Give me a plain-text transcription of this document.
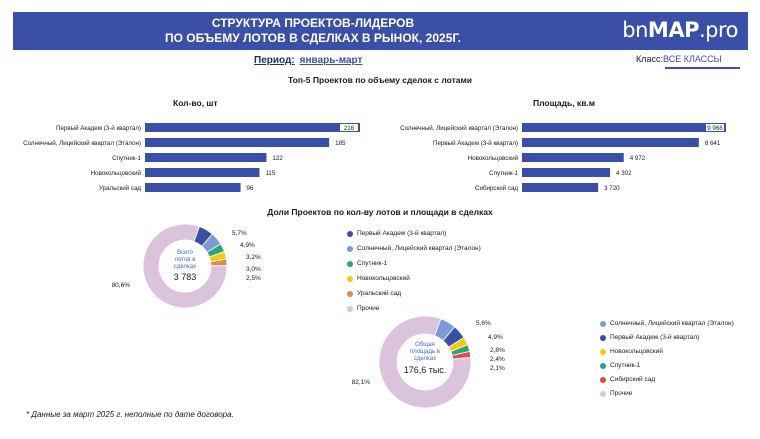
СТРУКТУРА ПРОЕКТОВ-ЛИДЕРОВ
ПО ОБЪЕМУ ЛОТОВ В СДЕЛКАХ В РЫНОК, 2025Г.	bnMAP.pro
Период: январь-март	Класс:ВСЕ КЛАССЫ
Топ-5 Проектов по объему сделок с лотами
Кол-во, шт	Площадь, кв.м
Первый Академ (3-й квартал)	216
Солнечный, Лицейский квартал (Эталон)	185
Спутник-1	122
Новокольцовский	115
Уральский сад	96
Солнечный, Лицейский квартал (Эталон)	9 968
Первый Академ (3-й квартал)	8 641
Новокольцовский	4 972
Спутник-1	4 302
Сибирский сад	3 720
Доли Проектов по кол-ву лотов и площади в сделках
5,7%
4,9%
3,2%
3,0%
2,5%
80,6%
Всего
лотов в
сделках
3 783
Первый Академ (3-й квартал)
Солнечный, Лицейский квартал (Эталон)
Спутник-1
Новокольцовский
Уральский сад
Прочие
5,6%
4,9%
2,8%
2,4%
2,1%
82,1%
Общая
площадь в
сделках
176,6 тыс.
Солнечный, Лицейский квартал (Эталон)
Первый Академ (3-й квартал)
Новокольцовский
Спутник-1
Сибирский сад
Прочие
* Данные за март 2025 г. неполные по дате договора.
